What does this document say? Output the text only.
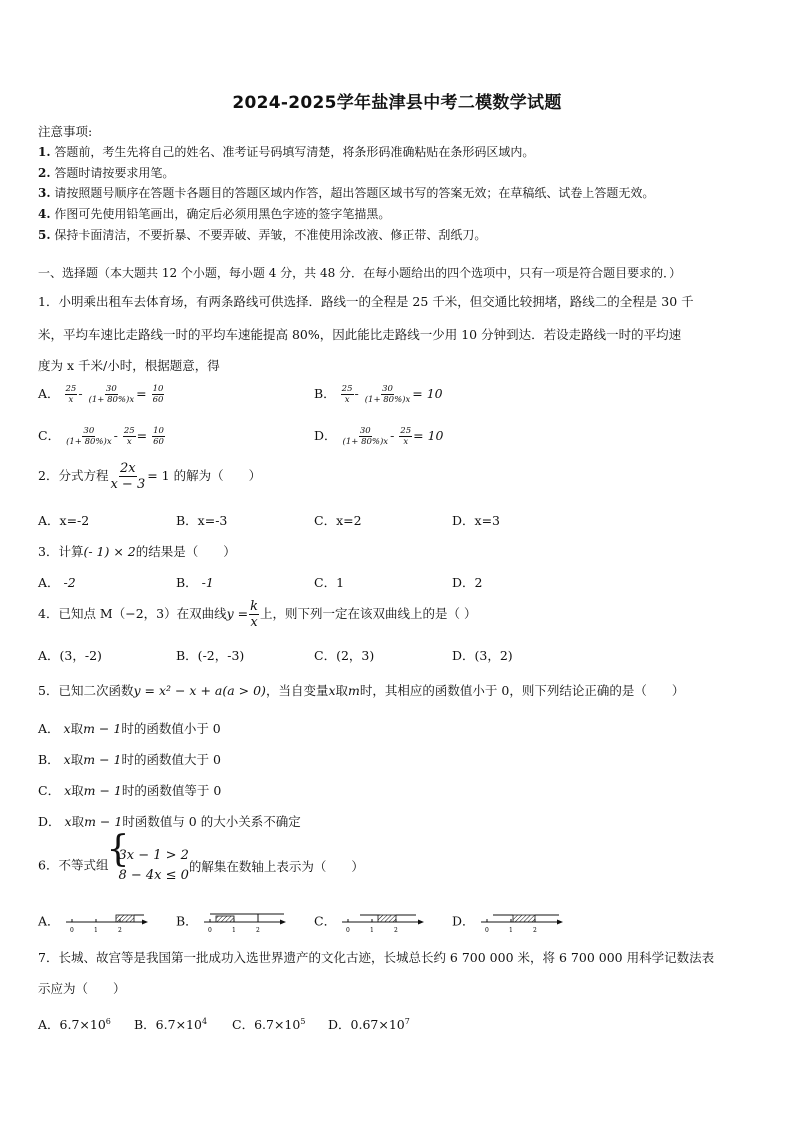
2024-2025学年盐津县中考二模数学试题
注意事项:
1. 答题前，考生先将自己的姓名、准考证号码填写清楚，将条形码准确粘贴在条形码区域内。
2. 答题时请按要求用笔。
3. 请按照题号顺序在答题卡各题目的答题区域内作答，超出答题区域书写的答案无效；在草稿纸、试卷上答题无效。
4. 作图可先使用铅笔画出，确定后必须用黑色字迹的签字笔描黑。
5. 保持卡面清洁，不要折暴、不要弄破、弄皱，不准使用涂改液、修正带、刮纸刀。
一、选择题（本大题共 12 个小题，每小题 4 分，共 48 分．在每小题给出的四个选项中，只有一项是符合题目要求的．）
1．小明乘出租车去体育场，有两条路线可供选择．路线一的全程是 25 千米，但交通比较拥堵，路线二的全程是 30 千
米，平均车速比走路线一时的平均车速能提高 80%，因此能比走路线一少用 10 分钟到达．若设走路线一时的平均速
度为 x 千米/小时，根据题意，得
A． $\frac{25}{x} - \frac{30}{(1+ 80\%)x} = \frac{10}{60}$	B． $\frac{25}{x} - \frac{30}{(1+ 80\%)x} = 10$
C． $\frac{30}{(1+ 80\%)x} - \frac{25}{x} = \frac{10}{60}$	D． $\frac{30}{(1+ 80\%)x} - \frac{25}{x} = 10$
2．分式方程 $\frac{2x}{x - 3} = 1$ 的解为（　　）
A．x=-2	B．x=-3	C．x=2	D．x=3
3．计算(- 1) × 2的结果是（　　）
A． -2	B． -1	C．1	D．2
4．已知点 M（−2，3）在双曲线$y = \frac{k}{x}$ 上，则下列一定在该双曲线上的是（ ）
A．(3，-2)	B．(-2，-3)	C．(2，3)	D．(3，2)
5．已知二次函数y = x² − x + a(a > 0)，当自变量x取m时，其相应的函数值小于 0，则下列结论正确的是（　　）
A． x取m − 1时的函数值小于 0
B． x取m − 1时的函数值大于 0
C． x取m − 1时的函数值等于 0
D． x取m − 1时函数值与 0 的大小关系不确定
6．不等式组
{ 3x − 1 > 2
8 − 4x ≤ 0
的解集在数轴上表示为（　　）
A．
0	1	2
B．
0	1	2
C．
0	1	2
D．
0	1	2
7．长城、故宫等是我国第一批成功入选世界遗产的文化古迹，长城总长约 6 700 000 米，将 6 700 000 用科学记数法表
示应为（　　）
A．$6.7\times 10^6$ B．$6.7\times 10^4$ C．$6.7\times 10^5$ D．$0.67\times 10^7$
